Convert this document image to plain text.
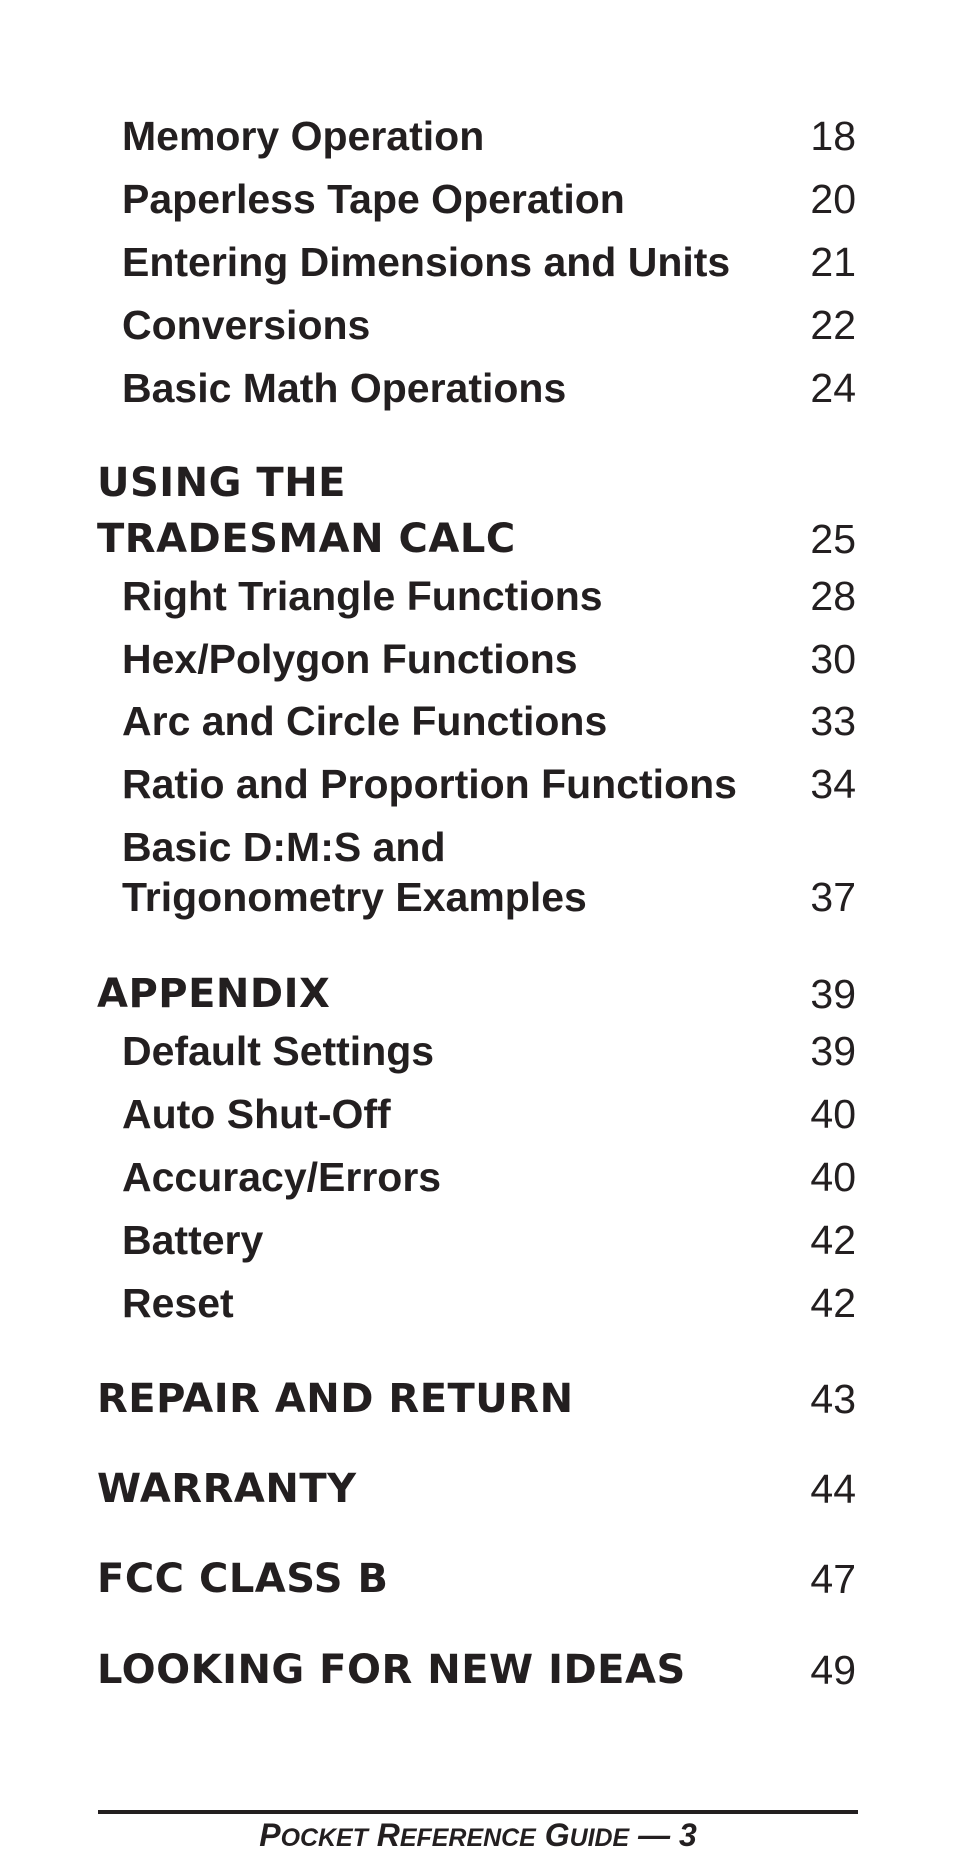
Memory Operation	18
Paperless Tape Operation	20
Entering Dimensions and Units 21
Conversions	22
Basic Math Operations	24
USING THE
TRADESMAN CALC	25
Right Triangle Functions	28
Hex/Polygon Functions	30
Arc and Circle Functions	33
Ratio and Proportion Functions 34
Basic D:M:S and
Trigonometry Examples	37
APPENDIX	39
Default Settings	39
Auto Shut-Off	40
Accuracy/Errors	40
Battery	42
Reset	42
REPAIR AND RETURN	43
WARRANTY	44
FCC CLASS B	47
LOOKING FOR NEW IDEAS	49
POCKET REFERENCE GUIDE — 3
